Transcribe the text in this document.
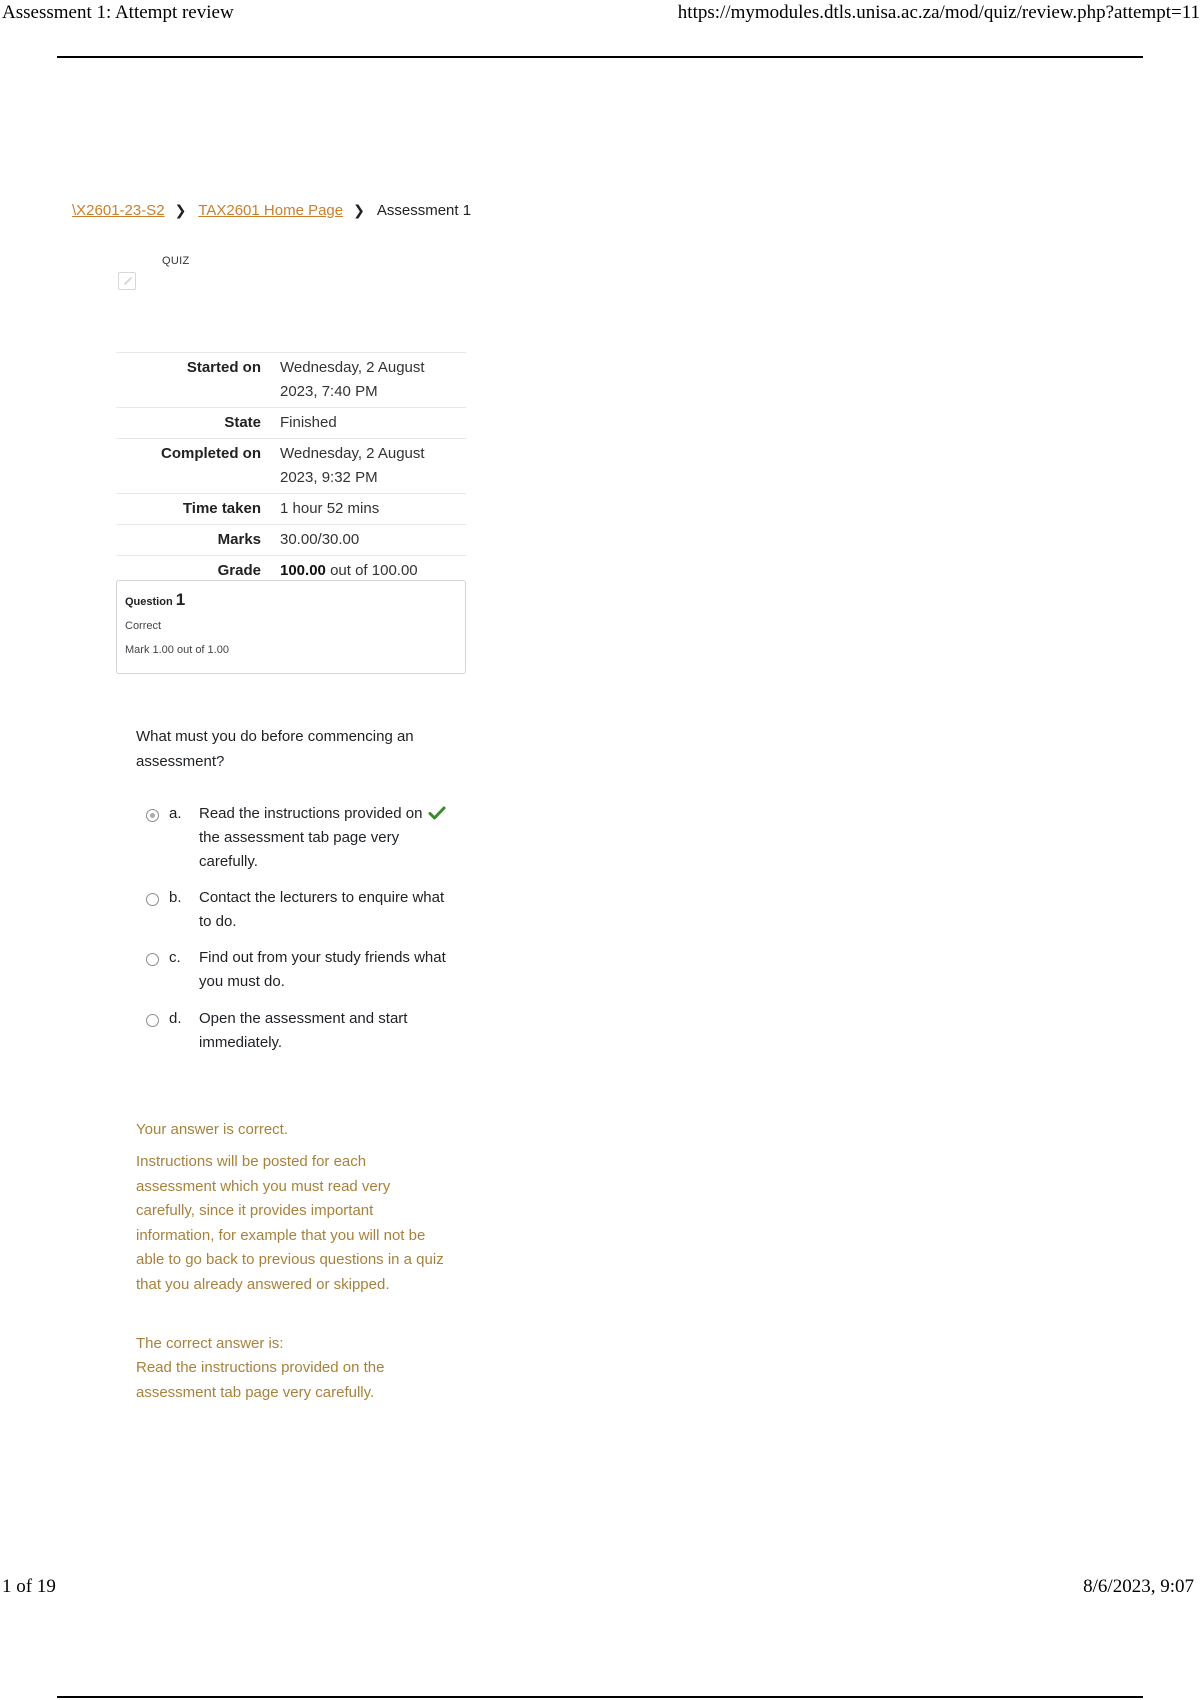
Assessment 1: Attempt review	https://mymodules.dtls.unisa.ac.za/mod/quiz/review.php?attempt=11
\X2601-23-S2 ❯ TAX2601 Home Page ❯ Assessment 1
QUIZ
Started on	Wednesday, 2 August 2023, 7:40 PM
State	Finished
Completed on	Wednesday, 2 August 2023, 9:32 PM
Time taken	1 hour 52 mins
Marks	30.00/30.00
Grade	100.00 out of 100.00
Question 1
Correct
Mark 1.00 out of 1.00
What must you do before commencing an assessment?
a.	Read the instructions provided on the assessment tab page very carefully.
b.	Contact the lecturers to enquire what to do.
c.	Find out from your study friends what you must do.
d.	Open the assessment and start immediately.
Your answer is correct.
Instructions will be posted for each assessment which you must read very carefully, since it provides important information, for example that you will not be able to go back to previous questions in a quiz that you already answered or skipped.
The correct answer is:
Read the instructions provided on the assessment tab page very carefully.
1 of 19	8/6/2023, 9:07
